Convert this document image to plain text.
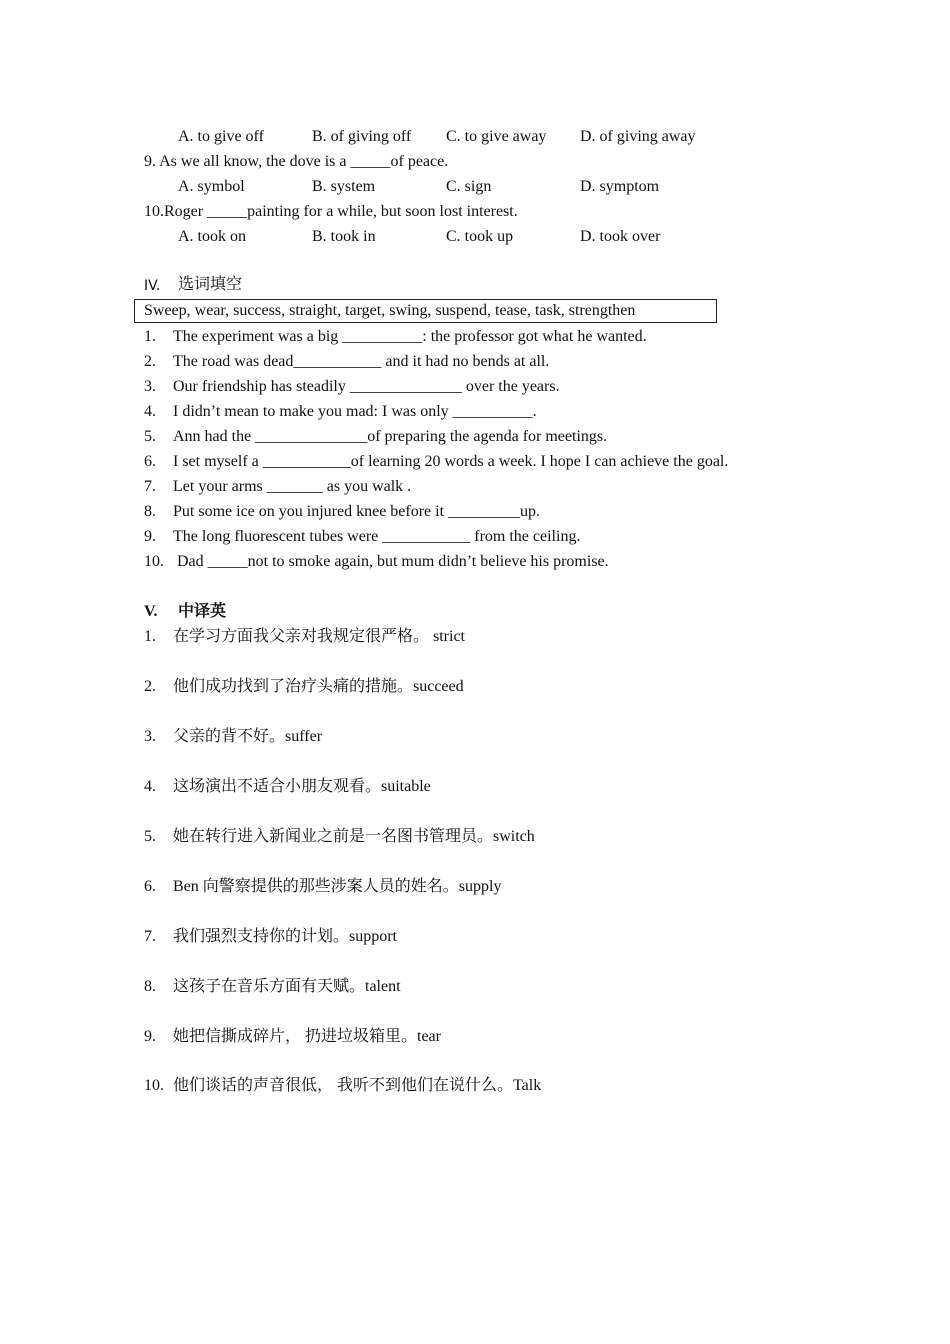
A. to give off	B. of giving off C. to give away D. of giving away
9. As we all know, the dove is a _____of peace.
A. symbol	B. system	C. sign	D. symptom
10.Roger _____painting for a while, but soon lost interest.
A. took on	B. took in	C. took up	D. took over
IV. 选词填空
Sweep, wear, success, straight, target, swing, suspend, tease, task, strengthen
1. The experiment was a big __________: the professor got what he wanted.
2. The road was dead___________ and it had no bends at all.
3. Our friendship has steadily ______________ over the years.
4. I didn’t mean to make you mad: I was only __________.
5. Ann had the ______________of preparing the agenda for meetings.
6. I set myself a ___________of learning 20 words a week. I hope I can achieve the goal.
7. Let your arms _______ as you walk .
8. Put some ice on you injured knee before it _________up.
9. The long fluorescent tubes were ___________ from the ceiling.
10. Dad _____not to smoke again, but mum didn’t believe his promise.
V. 中译英
1. 在学习方面我父亲对我规定很严格。 strict
2. 他们成功找到了治疗头痛的措施。succeed
3. 父亲的背不好。suffer
4. 这场演出不适合小朋友观看。suitable
5. 她在转行进入新闻业之前是一名图书管理员。switch
6. Ben 向警察提供的那些涉案人员的姓名。supply
7. 我们强烈支持你的计划。support
8. 这孩子在音乐方面有天赋。talent
9. 她把信撕成碎片， 扔进垃圾箱里。tear
10. 他们谈话的声音很低， 我听不到他们在说什么。Talk
